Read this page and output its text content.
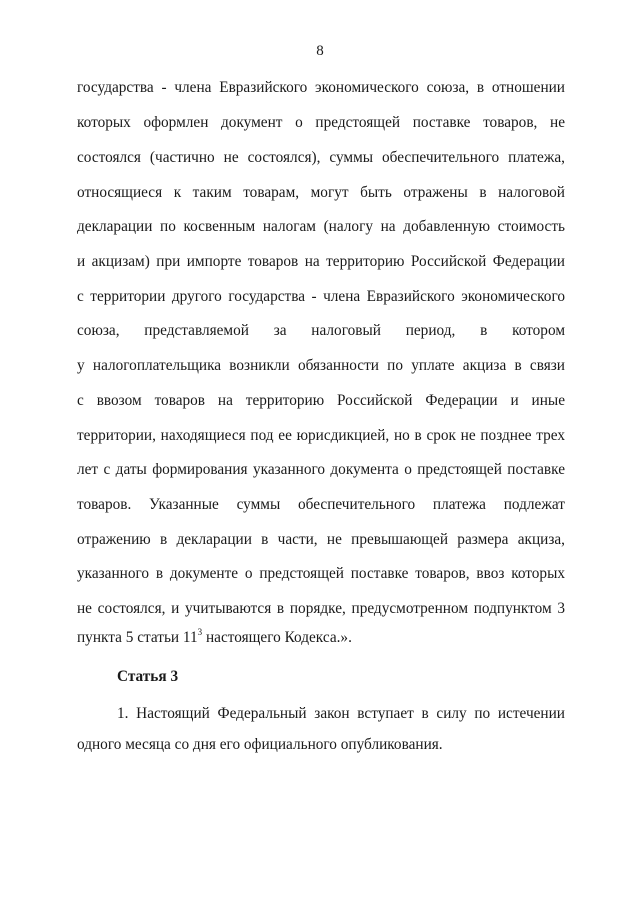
8
государства - члена Евразийского экономического союза, в отношении
которых оформлен документ о предстоящей поставке товаров, не
состоялся (частично не состоялся), суммы обеспечительного платежа,
относящиеся к таким товарам, могут быть отражены в налоговой
декларации по косвенным налогам (налогу на добавленную стоимость
и акцизам) при импорте товаров на территорию Российской Федерации
с территории другого государства - члена Евразийского экономического
союза, представляемой за налоговый период, в котором
у налогоплательщика возникли обязанности по уплате акциза в связи
с ввозом товаров на территорию Российской Федерации и иные
территории, находящиеся под ее юрисдикцией, но в срок не позднее трех
лет с даты формирования указанного документа о предстоящей поставке
товаров. Указанные суммы обеспечительного платежа подлежат
отражению в декларации в части, не превышающей размера акциза,
указанного в документе о предстоящей поставке товаров, ввоз которых
не состоялся, и учитываются в порядке, предусмотренном подпунктом 3
пункта 5 статьи $11^3$ настоящего Кодекса.».
Статья 3
1. Настоящий Федеральный закон вступает в силу по истечении
одного месяца со дня его официального опубликования.
